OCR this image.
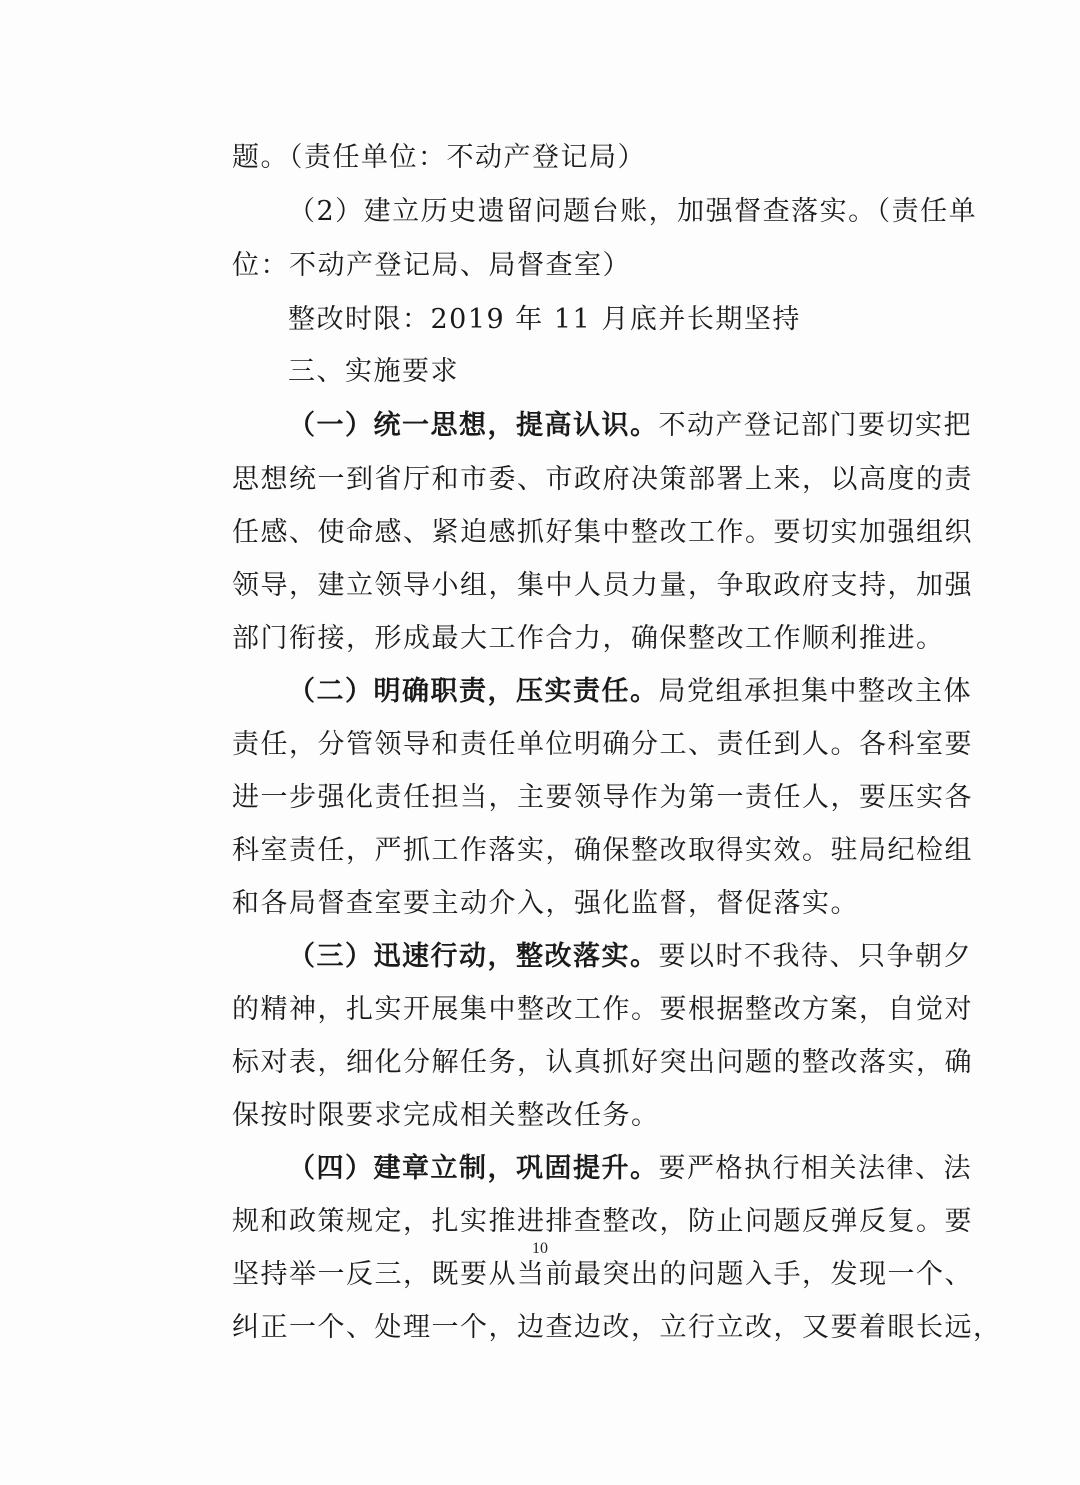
题。（责任单位：不动产登记局）
（2）建立历史遗留问题台账，加强督查落实。（责任单
位：不动产登记局、局督查室）
整改时限：2019 年 11 月底并长期坚持
三、实施要求
（一）统一思想，提高认识。不动产登记部门要切实把
思想统一到省厅和市委、市政府决策部署上来，以高度的责
任感、使命感、紧迫感抓好集中整改工作。要切实加强组织
领导，建立领导小组，集中人员力量，争取政府支持，加强
部门衔接，形成最大工作合力，确保整改工作顺利推进。
（二）明确职责，压实责任。局党组承担集中整改主体
责任，分管领导和责任单位明确分工、责任到人。各科室要
进一步强化责任担当，主要领导作为第一责任人，要压实各
科室责任，严抓工作落实，确保整改取得实效。驻局纪检组
和各局督查室要主动介入，强化监督，督促落实。
（三）迅速行动，整改落实。要以时不我待、只争朝夕
的精神，扎实开展集中整改工作。要根据整改方案，自觉对
标对表，细化分解任务，认真抓好突出问题的整改落实，确
保按时限要求完成相关整改任务。
（四）建章立制，巩固提升。要严格执行相关法律、法
规和政策规定，扎实推进排查整改，防止问题反弹反复。要
坚持举一反三，既要从当前最突出的问题入手，发现一个、
纠正一个、处理一个，边查边改，立行立改，又要着眼长远，
10
